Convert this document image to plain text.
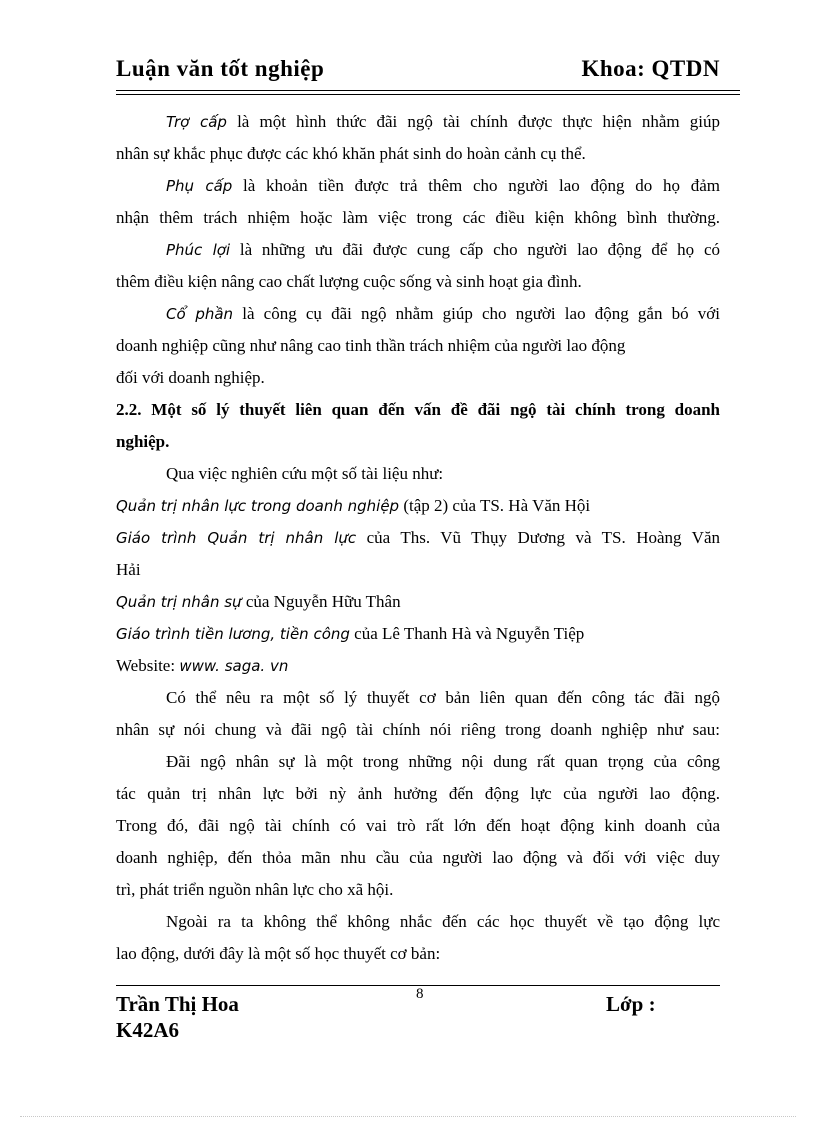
Luận văn tốt nghiệp	Khoa: QTDN
Trợ cấp là một hình thức đãi ngộ tài chính được thực hiện nhằm giúp
nhân sự khắc phục được các khó khăn phát sinh do hoàn cảnh cụ thể.
Phụ cấp là khoản tiền được trả thêm cho người lao động do họ đảm
nhận thêm trách nhiệm hoặc làm việc trong các điều kiện không bình thường.
Phúc lợi là những ưu đãi được cung cấp cho người lao động để họ có
thêm điều kiện nâng cao chất lượng cuộc sống và sinh hoạt gia đình.
Cổ phần là công cụ đãi ngộ nhằm giúp cho người lao động gắn bó với
doanh nghiệp cũng như nâng cao tinh thần trách nhiệm của người lao động
đối với doanh nghiệp.
2.2. Một số lý thuyết liên quan đến vấn đề đãi ngộ tài chính trong doanh
nghiệp.
Qua việc nghiên cứu một số tài liệu như:
Quản trị nhân lực trong doanh nghiệp (tập 2) của TS. Hà Văn Hội
Giáo trình Quản trị nhân lực của Ths. Vũ Thụy Dương và TS. Hoàng Văn
Hải
Quản trị nhân sự của Nguyễn Hữu Thân
Giáo trình tiền lương, tiền công của Lê Thanh Hà và Nguyễn Tiệp
Website: www. saga. vn
Có thể nêu ra một số lý thuyết cơ bản liên quan đến công tác đãi ngộ
nhân sự nói chung và đãi ngộ tài chính nói riêng trong doanh nghiệp như sau:
Đãi ngộ nhân sự là một trong những nội dung rất quan trọng của công
tác quản trị nhân lực bởi nỳ ảnh hưởng đến động lực của người lao động.
Trong đó, đãi ngộ tài chính có vai trò rất lớn đến hoạt động kinh doanh của
doanh nghiệp, đến thỏa mãn nhu cầu của người lao động và đối với việc duy
trì, phát triển nguồn nhân lực cho xã hội.
Ngoài ra ta không thể không nhắc đến các học thuyết về tạo động lực
lao động, dưới đây là một số học thuyết cơ bản:
Trần Thị Hoa	8	Lớp :
K42A6
